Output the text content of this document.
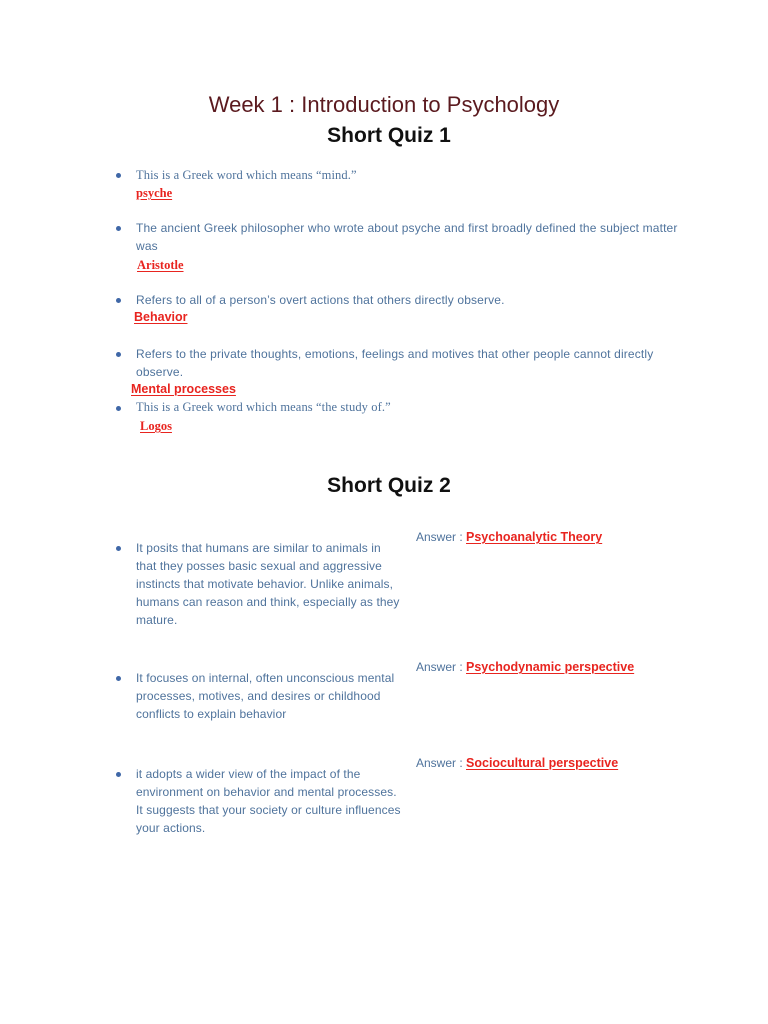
Week 1 : Introduction to Psychology
Short Quiz 1
This is a Greek word which means “mind.”
psyche
The ancient Greek philosopher who wrote about psyche and first broadly defined the subject matter was
Aristotle
Refers to all of a person’s overt actions that others directly observe.
Behavior
Refers to the private thoughts, emotions, feelings and motives that other people cannot directly observe.
Mental processes
This is a Greek word which means “the study of.”
Logos
Short Quiz 2
It posits that humans are similar to animals in that they posses basic sexual and aggressive instincts that motivate behavior. Unlike animals, humans can reason and think, especially as they mature.
Answer : Psychoanalytic Theory
It focuses on internal, often unconscious mental processes, motives, and desires or childhood conflicts to explain behavior
Answer : Psychodynamic perspective
it adopts a wider view of the impact of the environment on behavior and mental processes. It suggests that your society or culture influences your actions.
Answer : Sociocultural perspective
